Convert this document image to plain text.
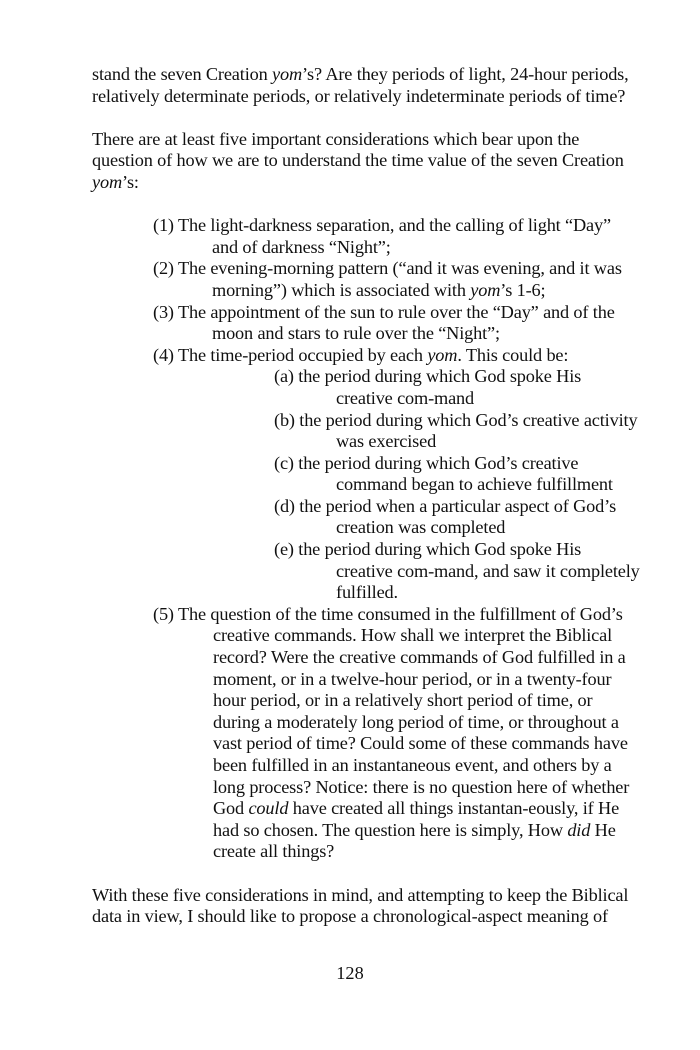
stand the seven Creation yom’s? Are they periods of light, 24-hour periods, relatively determinate periods, or relatively indeterminate periods of time?

There are at least five important considerations which bear upon the question of how we are to understand the time value of the seven Creation yom’s:

(1) The light-darkness separation, and the calling of light “Day” and of darkness “Night”;
(2) The evening-morning pattern (“and it was evening, and it was morning”) which is associated with yom’s 1-6;
(3) The appointment of the sun to rule over the “Day” and of the moon and stars to rule over the “Night”;
(4) The time-period occupied by each yom. This could be:
(a) the period during which God spoke His creative com-mand
(b) the period during which God’s creative activity was exercised
(c) the period during which God’s creative command began to achieve fulfillment
(d) the period when a particular aspect of God’s creation was completed
(e) the period during which God spoke His creative com-mand, and saw it completely fulfilled.
(5) The question of the time consumed in the fulfillment of God’s creative commands. How shall we interpret the Biblical record? Were the creative commands of God fulfilled in a moment, or in a twelve-hour period, or in a twenty-four hour period, or in a relatively short period of time, or during a moderately long period of time, or throughout a vast period of time? Could some of these commands have been fulfilled in an instantaneous event, and others by a long process? Notice: there is no question here of whether God could have created all things instantan-eously, if He had so chosen. The question here is simply, How did He create all things?

With these five considerations in mind, and attempting to keep the Biblical data in view, I should like to propose a chronological-aspect meaning of

128
